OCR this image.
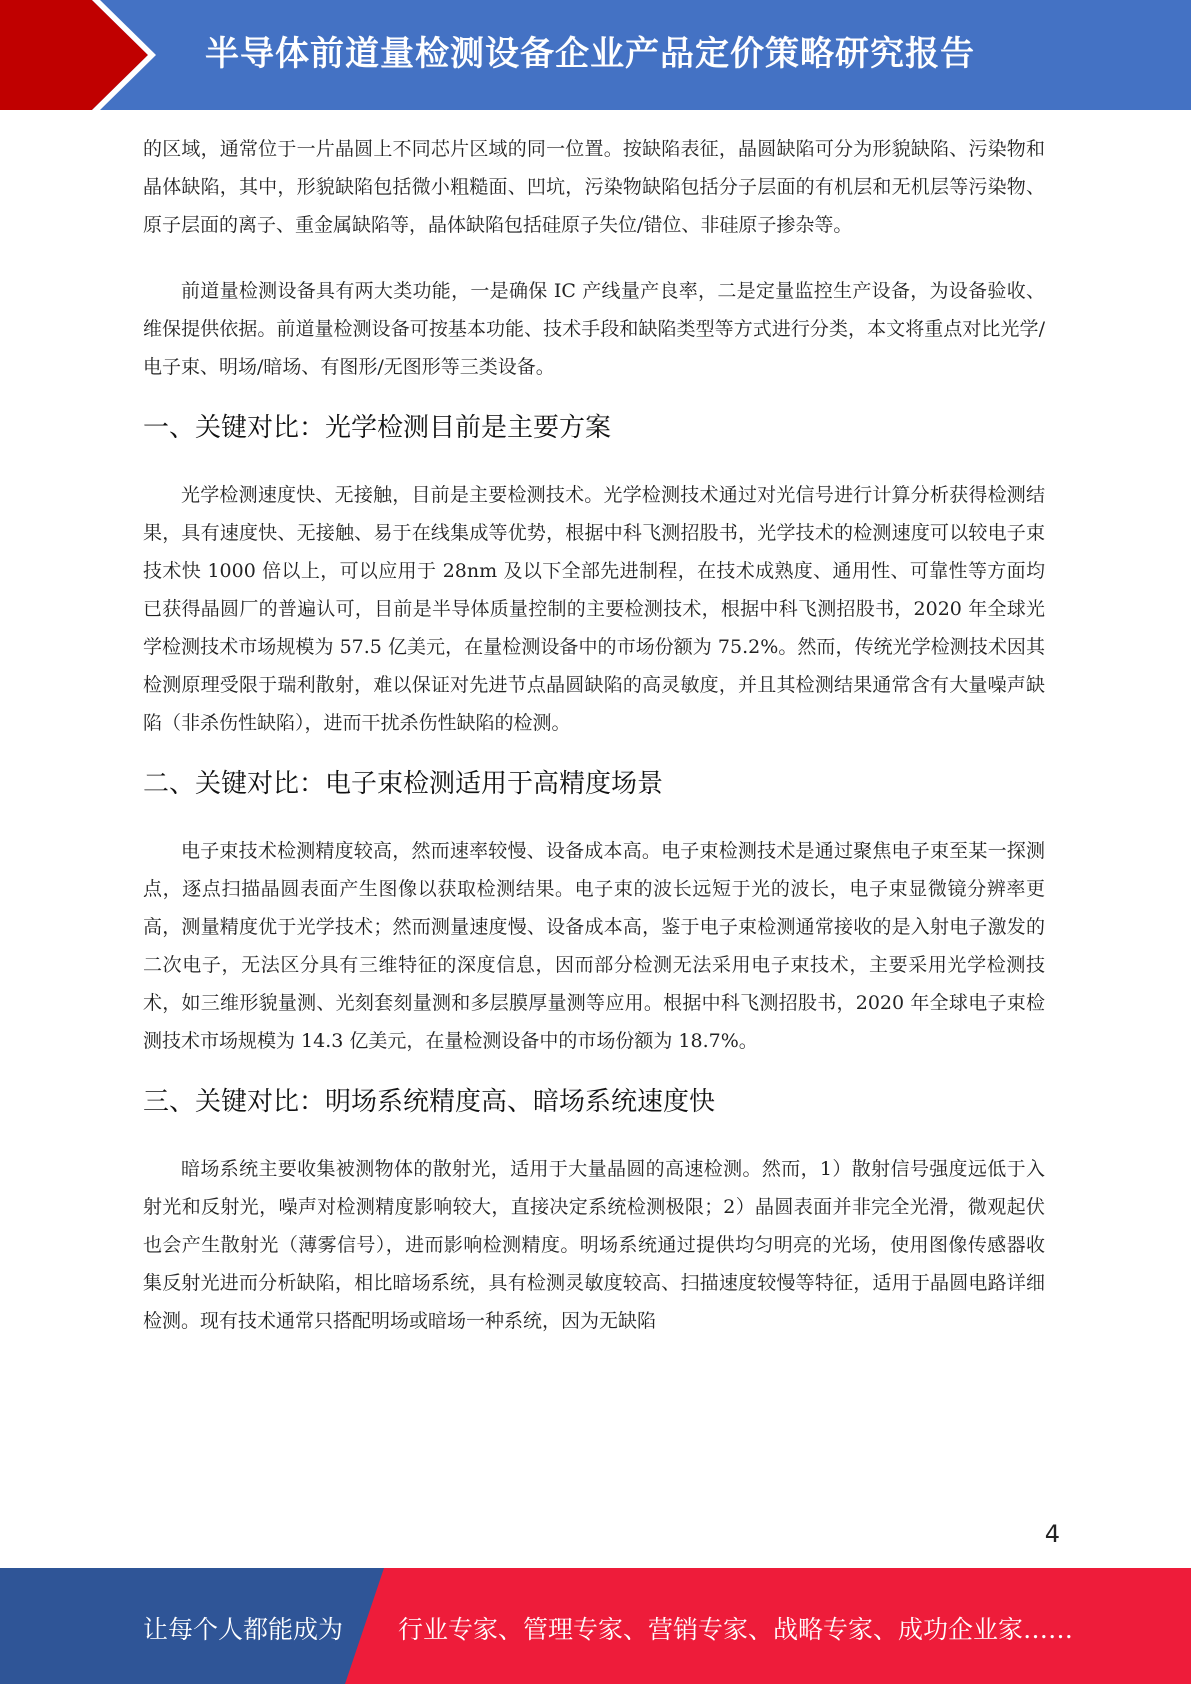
半导体前道量检测设备企业产品定价策略研究报告

的区域，通常位于一片晶圆上不同芯片区域的同一位置。按缺陷表征，晶圆缺陷可分为形貌缺陷、污染物和晶体缺陷，其中，形貌缺陷包括微小粗糙面、凹坑，污染物缺陷包括分子层面的有机层和无机层等污染物、原子层面的离子、重金属缺陷等，晶体缺陷包括硅原子失位/错位、非硅原子掺杂等。

前道量检测设备具有两大类功能，一是确保 IC 产线量产良率，二是定量监控生产设备，为设备验收、维保提供依据。前道量检测设备可按基本功能、技术手段和缺陷类型等方式进行分类，本文将重点对比光学/电子束、明场/暗场、有图形/无图形等三类设备。

一、关键对比：光学检测目前是主要方案

光学检测速度快、无接触，目前是主要检测技术。光学检测技术通过对光信号进行计算分析获得检测结果，具有速度快、无接触、易于在线集成等优势，根据中科飞测招股书，光学技术的检测速度可以较电子束技术快 1000 倍以上，可以应用于 28nm 及以下全部先进制程，在技术成熟度、通用性、可靠性等方面均已获得晶圆厂的普遍认可，目前是半导体质量控制的主要检测技术，根据中科飞测招股书，2020 年全球光学检测技术市场规模为 57.5 亿美元，在量检测设备中的市场份额为 75.2%。然而，传统光学检测技术因其检测原理受限于瑞利散射，难以保证对先进节点晶圆缺陷的高灵敏度，并且其检测结果通常含有大量噪声缺陷（非杀伤性缺陷），进而干扰杀伤性缺陷的检测。

二、关键对比：电子束检测适用于高精度场景

电子束技术检测精度较高，然而速率较慢、设备成本高。电子束检测技术是通过聚焦电子束至某一探测点，逐点扫描晶圆表面产生图像以获取检测结果。电子束的波长远短于光的波长，电子束显微镜分辨率更高，测量精度优于光学技术；然而测量速度慢、设备成本高，鉴于电子束检测通常接收的是入射电子激发的二次电子，无法区分具有三维特征的深度信息，因而部分检测无法采用电子束技术，主要采用光学检测技术，如三维形貌量测、光刻套刻量测和多层膜厚量测等应用。根据中科飞测招股书，2020 年全球电子束检测技术市场规模为 14.3 亿美元，在量检测设备中的市场份额为 18.7%。

三、关键对比：明场系统精度高、暗场系统速度快

暗场系统主要收集被测物体的散射光，适用于大量晶圆的高速检测。然而，1）散射信号强度远低于入射光和反射光，噪声对检测精度影响较大，直接决定系统检测极限；2）晶圆表面并非完全光滑，微观起伏也会产生散射光（薄雾信号），进而影响检测精度。明场系统通过提供均匀明亮的光场，使用图像传感器收集反射光进而分析缺陷，相比暗场系统，具有检测灵敏度较高、扫描速度较慢等特征，适用于晶圆电路详细检测。现有技术通常只搭配明场或暗场一种系统，因为无缺陷

4
让每个人都能成为 行业专家、管理专家、营销专家、战略专家、成功企业家……
